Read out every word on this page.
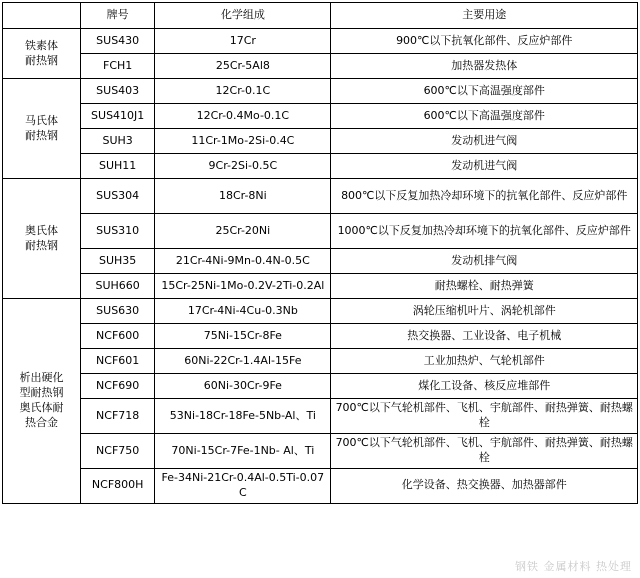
	牌号	化学组成	主要用途

铁素体
耐热钢	SUS430	17Cr	900℃以下抗氧化部件、反应炉部件
	FCH1	25Cr-5Al8	加热器发热体

马氏体
耐热钢	SUS403	12Cr-0.1C	600℃以下高温强度部件
	SUS410J1	12Cr-0.4Mo-0.1C	600℃以下高温强度部件
	SUH3	11Cr-1Mo-2Si-0.4C	发动机进气阀
	SUH11	9Cr-2Si-0.5C	发动机进气阀

奥氏体
耐热钢	SUS304	18Cr-8Ni	800℃以下反复加热冷却环境下的抗氧化部件、反应炉部件
	SUS310	25Cr-20Ni	1000℃以下反复加热冷却环境下的抗氧化部件、反应炉部件
	SUH35	21Cr-4Ni-9Mn-0.4N-0.5C	发动机排气阀
	SUH660	15Cr-25Ni-1Mo-0.2V-2Ti-0.2Al	耐热螺栓、耐热弹簧

析出硬化
型耐热钢
奥氏体耐
热合金	SUS630	17Cr-4Ni-4Cu-0.3Nb	涡轮压缩机叶片、涡轮机部件
	NCF600	75Ni-15Cr-8Fe	热交换器、工业设备、电子机械
	NCF601	60Ni-22Cr-1.4Al-15Fe	工业加热炉、气轮机部件
	NCF690	60Ni-30Cr-9Fe	煤化工设备、核反应堆部件
	NCF718	53Ni-18Cr-18Fe-5Nb-Al、Ti	700℃以下气轮机部件、飞机、宇航部件、耐热弹簧、耐热螺栓
	NCF750	70Ni-15Cr-7Fe-1Nb- Al、Ti	700℃以下气轮机部件、飞机、宇航部件、耐热弹簧、耐热螺栓
	NCF800H	Fe-34Ni-21Cr-0.4Al-0.5Ti-0.07C	化学设备、热交换器、加热器部件
钢铁 金属材料 热处理
